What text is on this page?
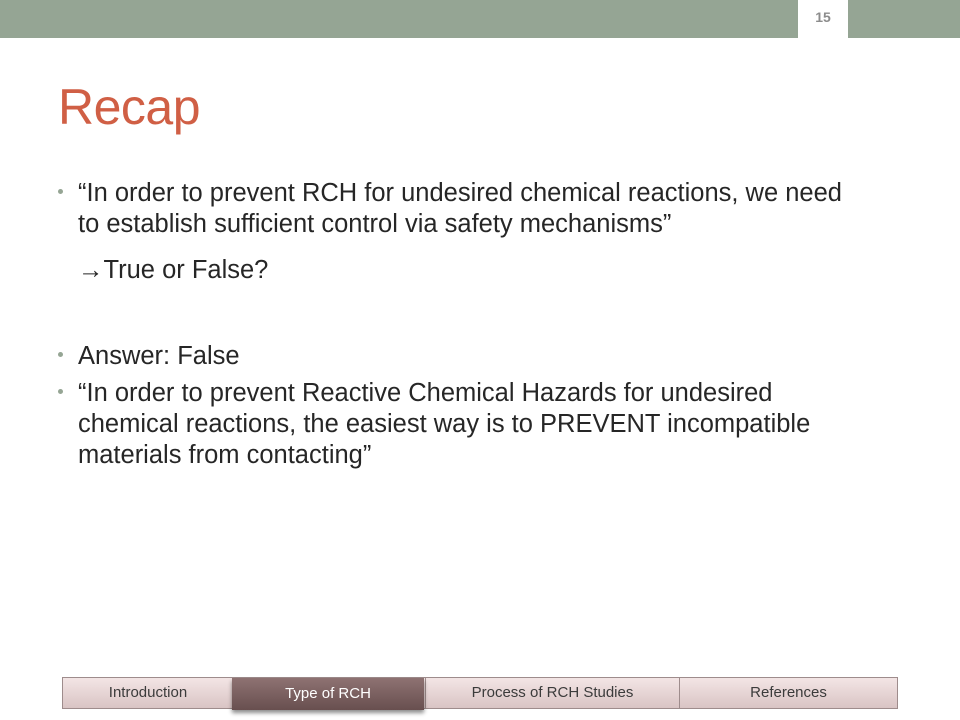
15
Recap
“In order to prevent RCH for undesired chemical reactions, we need to establish sufficient control via safety mechanisms”
→True or False?
Answer: False
“In order to prevent Reactive Chemical Hazards for undesired chemical reactions, the easiest way is to PREVENT incompatible materials from contacting”
Introduction	Process of RCH Studies	References
Type of RCH
